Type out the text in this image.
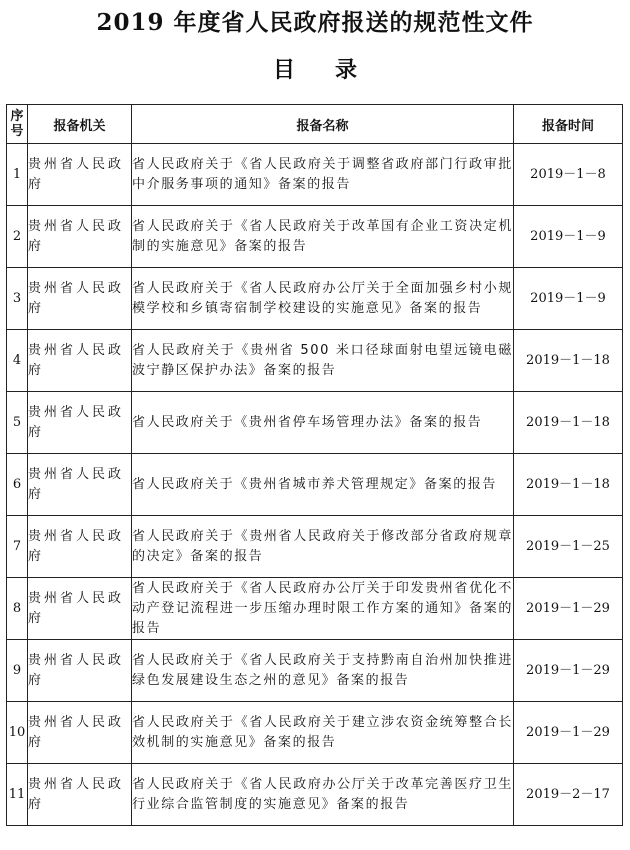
2019 年度省人民政府报送的规范性文件
目 录
序号	报备机关	报备名称	报备时间
1	贵州省人民政府	省人民政府关于《省人民政府关于调整省政府部门行政审批中介服务事项的通知》备案的报告	2019－1－8
2	贵州省人民政府	省人民政府关于《省人民政府关于改革国有企业工资决定机制的实施意见》备案的报告	2019－1－9
3	贵州省人民政府	省人民政府关于《省人民政府办公厅关于全面加强乡村小规模学校和乡镇寄宿制学校建设的实施意见》备案的报告	2019－1－9
4	贵州省人民政府	省人民政府关于《贵州省 500 米口径球面射电望远镜电磁波宁静区保护办法》备案的报告	2019－1－18
5	贵州省人民政府	省人民政府关于《贵州省停车场管理办法》备案的报告	2019－1－18
6	贵州省人民政府	省人民政府关于《贵州省城市养犬管理规定》备案的报告	2019－1－18
7	贵州省人民政府	省人民政府关于《贵州省人民政府关于修改部分省政府规章的决定》备案的报告	2019－1－25
8	贵州省人民政府	省人民政府关于《省人民政府办公厅关于印发贵州省优化不动产登记流程进一步压缩办理时限工作方案的通知》备案的报告	2019－1－29
9	贵州省人民政府	省人民政府关于《省人民政府关于支持黔南自治州加快推进绿色发展建设生态之州的意见》备案的报告	2019－1－29
10	贵州省人民政府	省人民政府关于《省人民政府关于建立涉农资金统筹整合长效机制的实施意见》备案的报告	2019－1－29
11	贵州省人民政府	省人民政府关于《省人民政府办公厅关于改革完善医疗卫生行业综合监管制度的实施意见》备案的报告	2019－2－17
